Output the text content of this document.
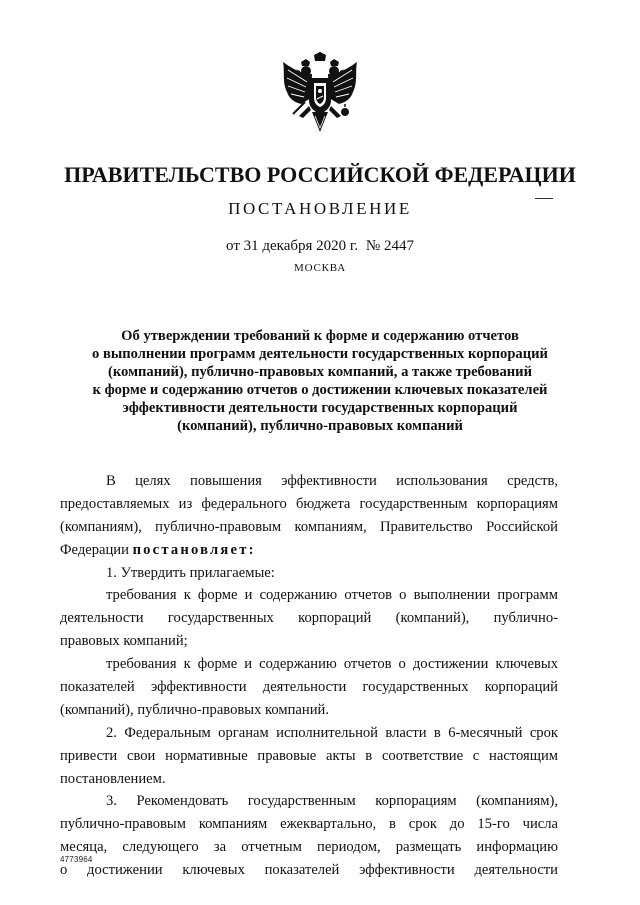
ПРАВИТЕЛЬСТВО РОССИЙСКОЙ ФЕДЕРАЦИИ
ПОСТАНОВЛЕНИЕ
от 31 декабря 2020 г. № 2447
МОСКВА
Об утверждении требований к форме и содержанию отчетов
о выполнении программ деятельности государственных корпораций
(компаний), публично-правовых компаний, а также требований
к форме и содержанию отчетов о достижении ключевых показателей
эффективности деятельности государственных корпораций
(компаний), публично-правовых компаний
В целях повышения эффективности использования средств,
предоставляемых из федерального бюджета государственным корпорациям
(компаниям), публично-правовым компаниям, Правительство Российской
Федерации постановляет:
1. Утвердить прилагаемые:
требования к форме и содержанию отчетов о выполнении программ
деятельности государственных корпораций (компаний), публично-
правовых компаний;
требования к форме и содержанию отчетов о достижении ключевых
показателей эффективности деятельности государственных корпораций
(компаний), публично-правовых компаний.
2. Федеральным органам исполнительной власти в 6-месячный срок
привести свои нормативные правовые акты в соответствие с настоящим
постановлением.
3. Рекомендовать государственным корпорациям (компаниям),
публично-правовым компаниям ежеквартально, в срок до 15-го числа
месяца, следующего за отчетным периодом, размещать информацию
о достижении ключевых показателей эффективности деятельности
4773964
